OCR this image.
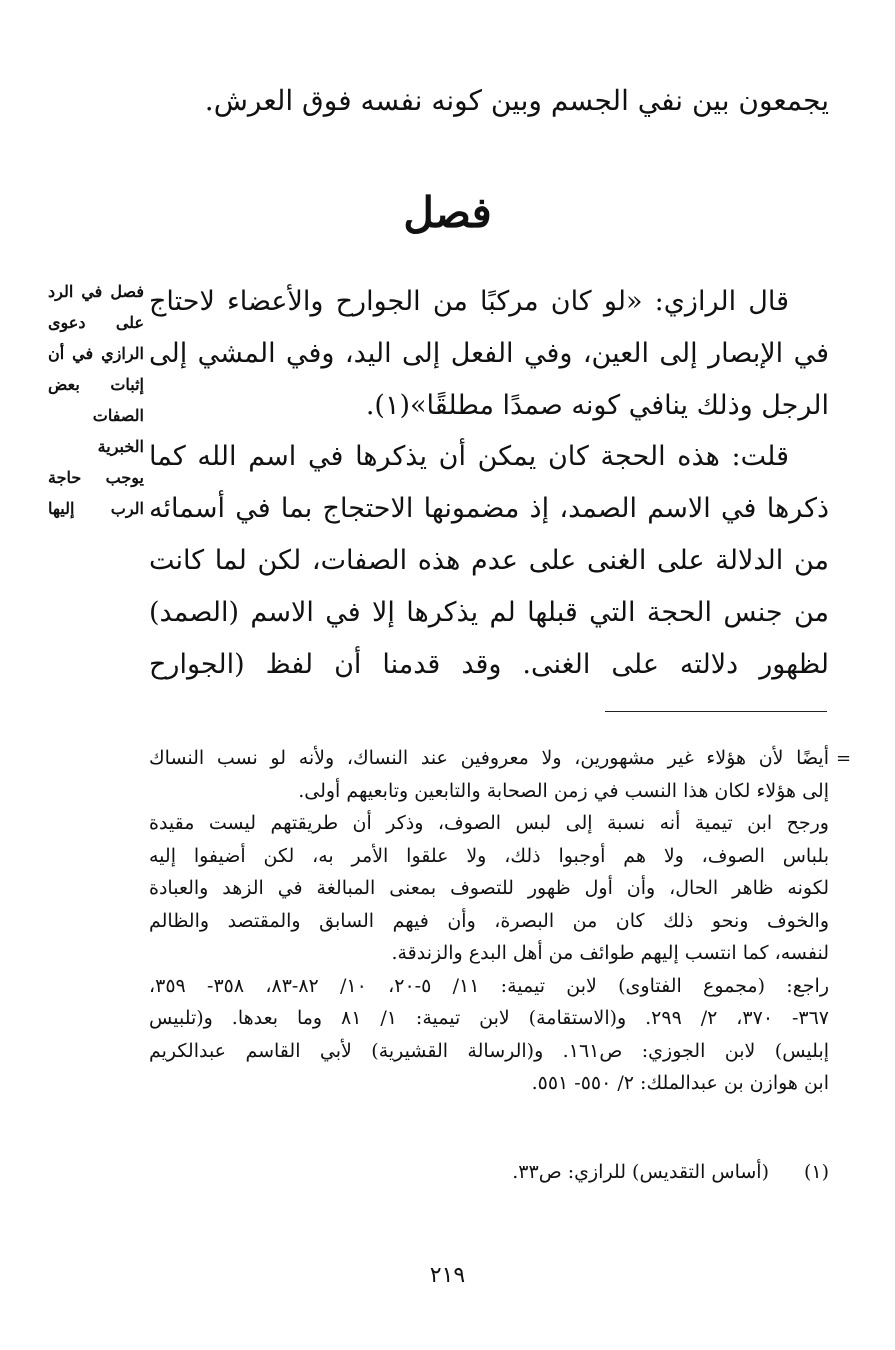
يجمعون بين نفي الجسم وبين كونه نفسه فوق العرش.
فصل
فصل في الرد
على دعوى
الرازي في أن
إثبات بعض
الصفات
الخبرية
يوجب حاجة
الرب إليها
قال الرازي: «لو كان مركبًا من الجوارح والأعضاء لاحتاج
في الإبصار إلى العين، وفي الفعل إلى اليد، وفي المشي إلى
الرجل وذلك ينافي كونه صمدًا مطلقًا»(١).
قلت: هذه الحجة كان يمكن أن يذكرها في اسم الله كما
ذكرها في الاسم الصمد، إذ مضمونها الاحتجاج بما في أسمائه
من الدلالة على الغنى على عدم هذه الصفات، لكن لما كانت
من جنس الحجة التي قبلها لم يذكرها إلا في الاسم (الصمد)
لظهور دلالته على الغنى. وقد قدمنا أن لفظ (الجوارح
=
أيضًا لأن هؤلاء غير مشهورين، ولا معروفين عند النساك، ولأنه لو نسب النساك
إلى هؤلاء لكان هذا النسب في زمن الصحابة والتابعين وتابعيهم أولى.
ورجح ابن تيمية أنه نسبة إلى لبس الصوف، وذكر أن طريقتهم ليست مقيدة
بلباس الصوف، ولا هم أوجبوا ذلك، ولا علقوا الأمر به، لكن أضيفوا إليه
لكونه ظاهر الحال، وأن أول ظهور للتصوف بمعنى المبالغة في الزهد والعبادة
والخوف ونحو ذلك كان من البصرة، وأن فيهم السابق والمقتصد والظالم
لنفسه، كما انتسب إليهم طوائف من أهل البدع والزندقة.
راجع: (مجموع الفتاوى) لابن تيمية: ١١/ ٥-٢٠، ١٠/ ٨٢-٨٣، ٣٥٨- ٣٥٩،
٣٦٧- ٣٧٠، ٢/ ٢٩٩. و(الاستقامة) لابن تيمية: ١/ ٨١ وما بعدها. و(تلبيس
إبليس) لابن الجوزي: ص١٦١. و(الرسالة القشيرية) لأبي القاسم عبدالكريم
ابن هوازن بن عبدالملك: ٢/ ٥٥٠- ٥٥١.
(١)(أساس التقديس) للرازي: ص٣٣.
٢١٩
